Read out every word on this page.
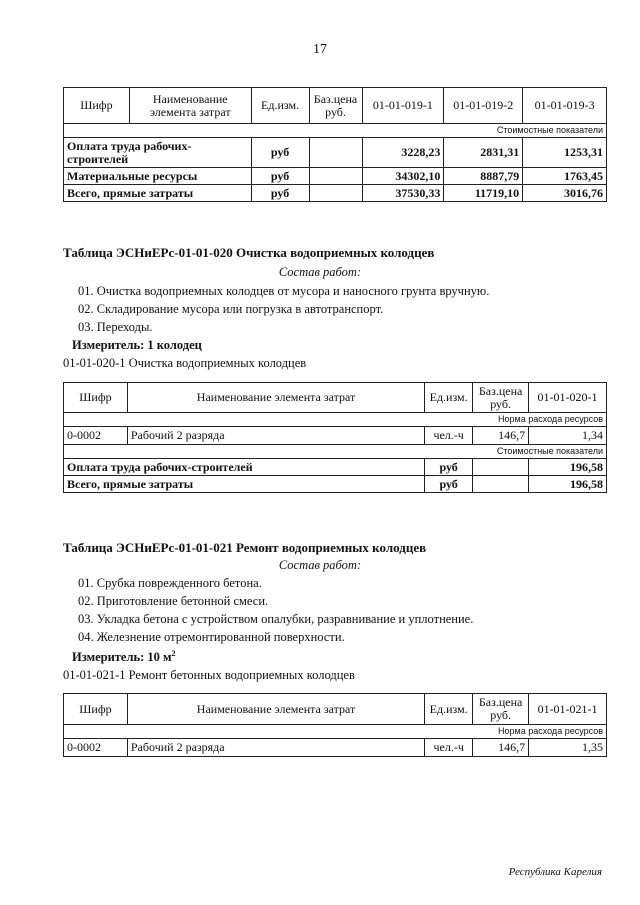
17
Шифр	Наименование элемента затрат	Ед.изм.	Баз.цена руб.	01-01-019-1	01-01-019-2	01-01-019-3
Стоимостные показатели						
Оплата труда рабочих-строителей		руб		3228,23	2831,31	1253,31
Материальные ресурсы		руб		34302,10	8887,79	1763,45
Всего, прямые затраты		руб		37530,33	11719,10	3016,76
Таблица ЭСНиЕРс-01-01-020 Очистка водоприемных колодцев
Состав работ:
01. Очистка водоприемных колодцев от мусора и наносного грунта вручную.
02. Складирование мусора или погрузка в автотранспорт.
03. Переходы.
Измеритель: 1 колодец
01-01-020-1 Очистка водоприемных колодцев
Шифр	Наименование элемента затрат	Ед.изм.	Баз.цена руб.	01-01-020-1
Норма расхода ресурсов				
0-0002	Рабочий 2 разряда	чел.-ч	146,7	1,34
Стоимостные показатели				
Оплата труда рабочих-строителей		руб		196,58
Всего, прямые затраты		руб		196,58
Таблица ЭСНиЕРс-01-01-021 Ремонт водоприемных колодцев
Состав работ:
01. Срубка поврежденного бетона.
02. Приготовление бетонной смеси.
03. Укладка бетона с устройством опалубки, разравнивание и уплотнение.
04. Железнение отремонтированной поверхности.
Измеритель: 10 $м^2$
01-01-021-1 Ремонт бетонных водоприемных колодцев
Шифр	Наименование элемента затрат	Ед.изм.	Баз.цена руб.	01-01-021-1
Норма расхода ресурсов				
0-0002	Рабочий 2 разряда	чел.-ч	146,7	1,35
Республика Карелия
